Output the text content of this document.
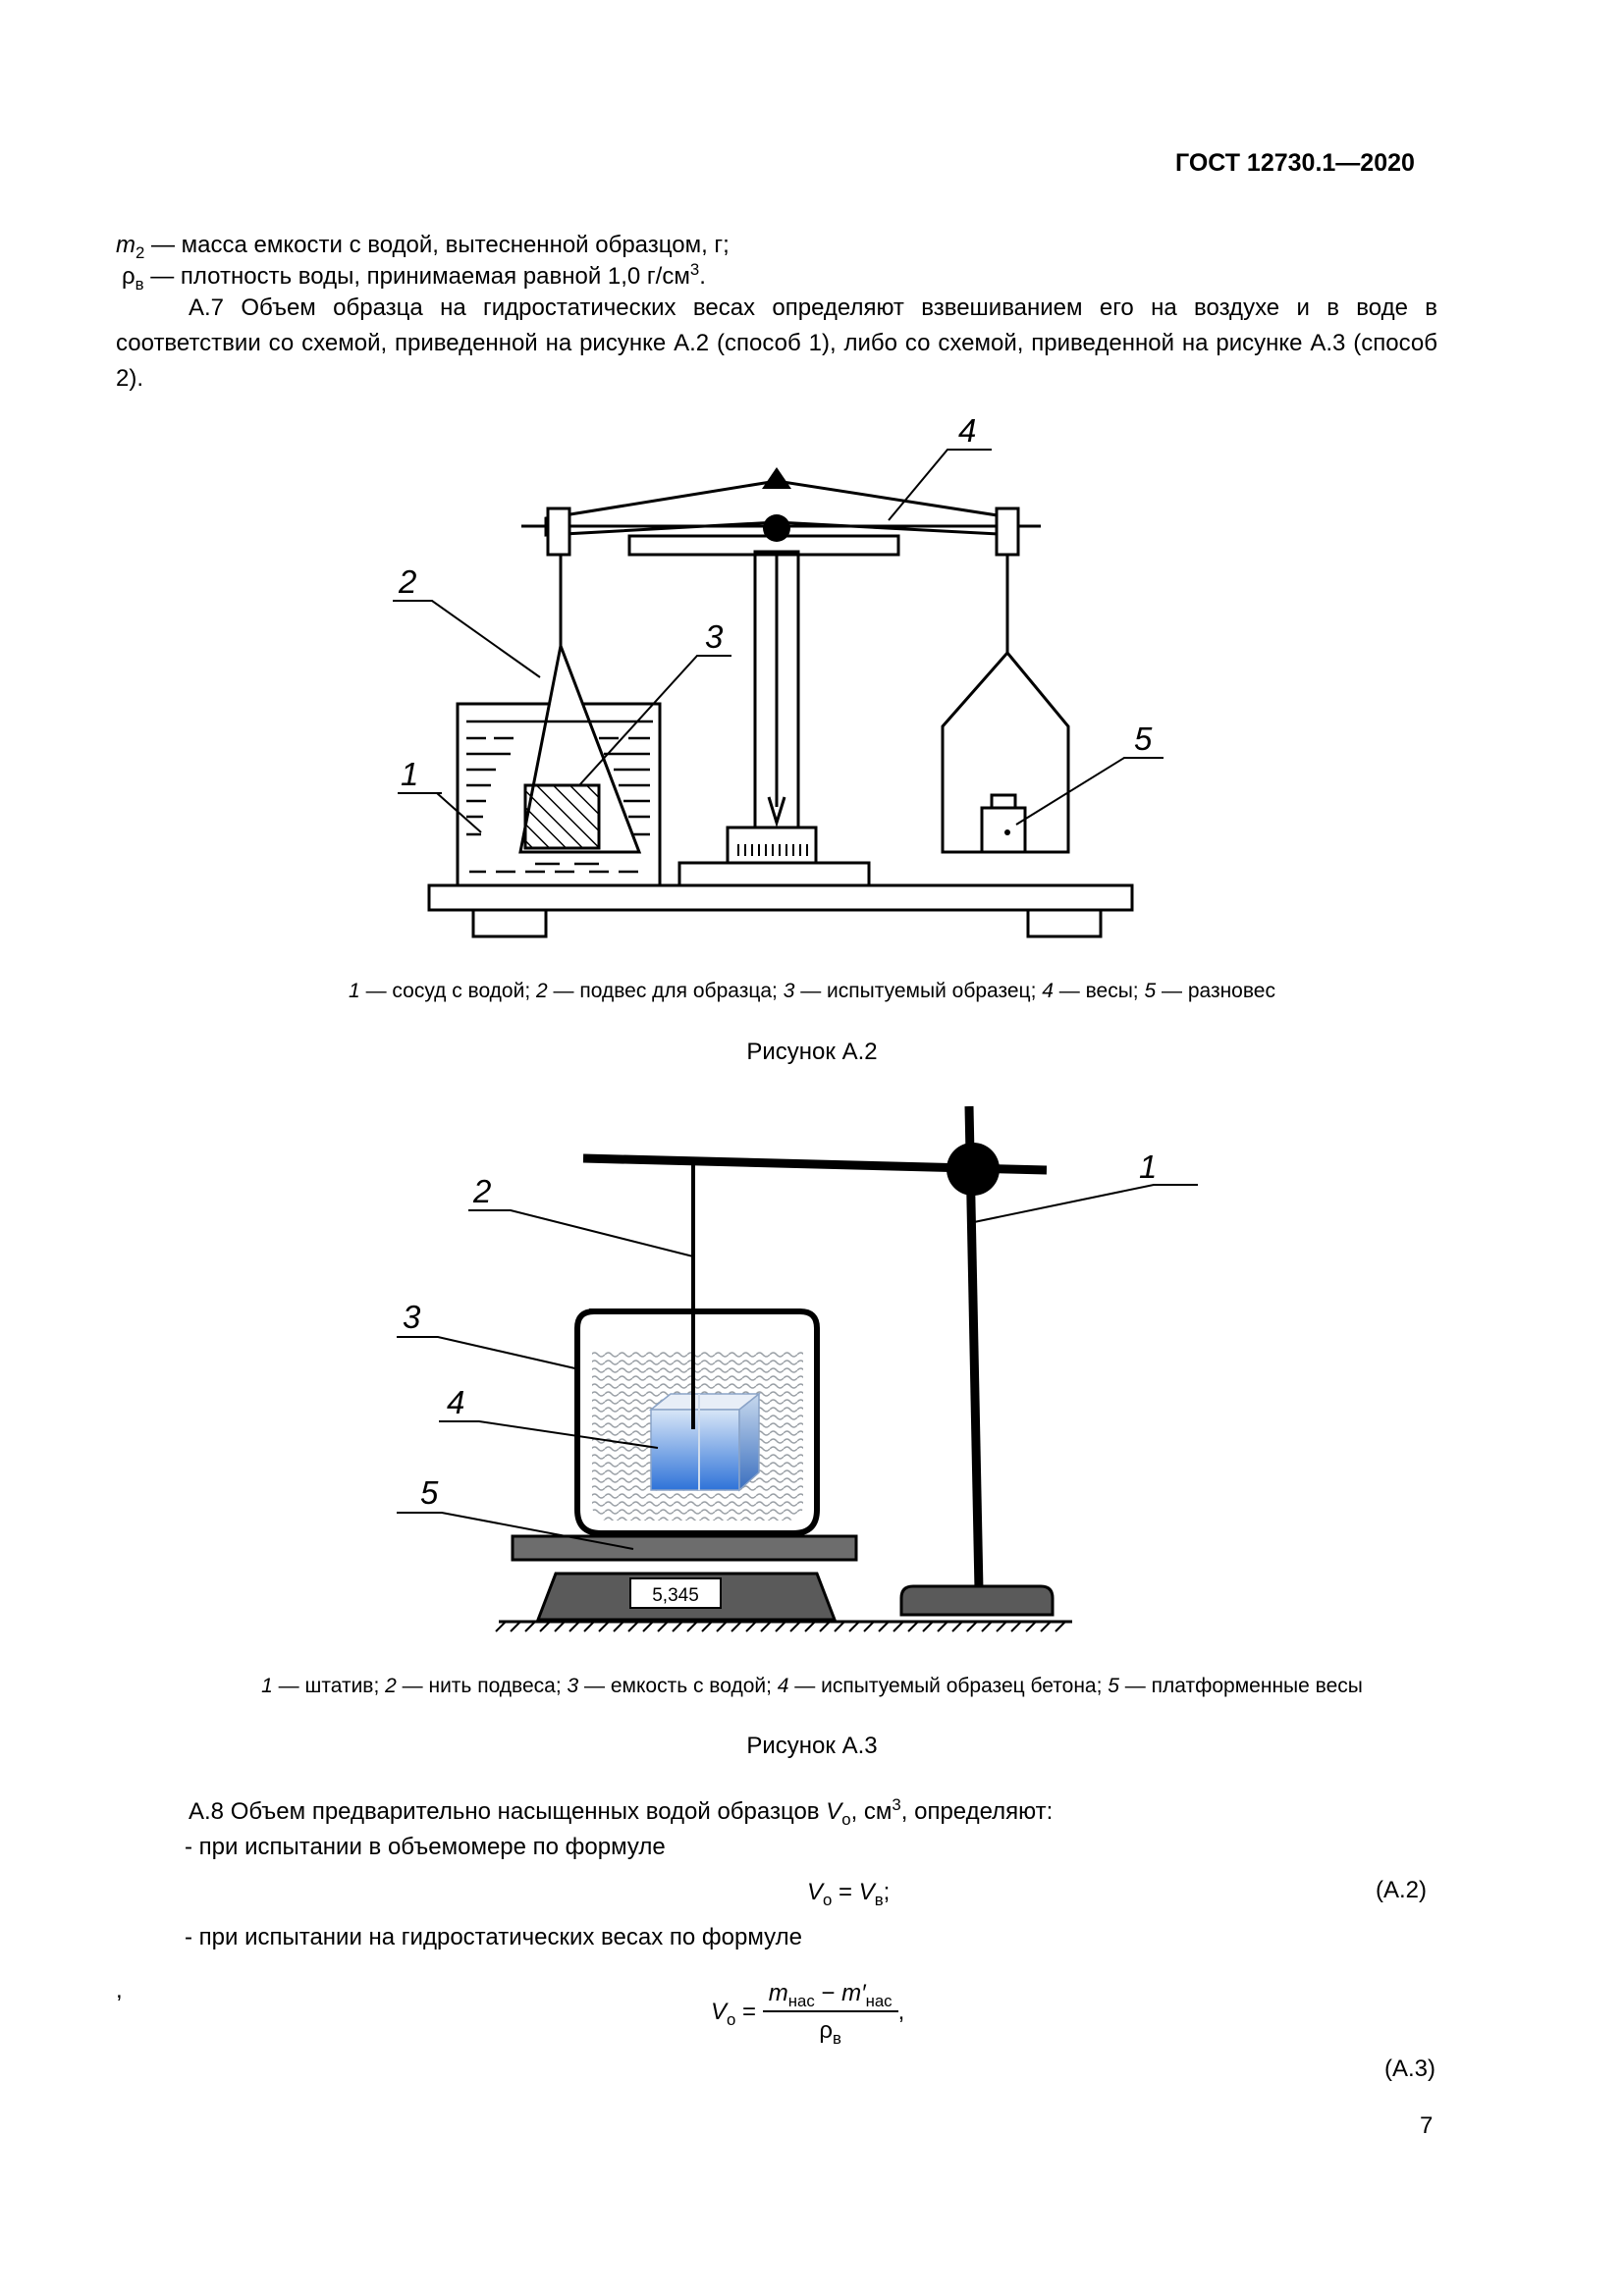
ГОСТ 12730.1—2020
$m_2$ — масса емкости с водой, вытесненной образцом, г;
$\rho_в$ — плотность воды, принимаемая равной 1,0 $г/см^3$.
А.7 Объем образца на гидростатических весах определяют взвешиванием его на воздухе и в воде в соответствии со схемой, приведенной на рисунке А.2 (способ 1), либо со схемой, приведенной на рисунке А.3 (способ 2).
2
1
3
4
5
1 — сосуд с водой; 2 — подвес для образца; 3 — испытуемый образец; 4 — весы; 5 — разновес
Рисунок А.2
5,345
1
2
3
4
5
1 — штатив; 2 — нить подвеса; 3 — емкость с водой; 4 — испытуемый образец бетона; 5 — платформенные весы
Рисунок А.3
А.8 Объем предварительно насыщенных водой образцов $V_о$, $см^3$, определяют:
- при испытании в объемомере по формуле
$V_о = V_в$;	(А.2)
- при испытании на гидростатических весах по формуле
,
$V_о = \frac{m_{нас} - m'_{нас}}{\rho_в}$ ,
(А.3)
7
